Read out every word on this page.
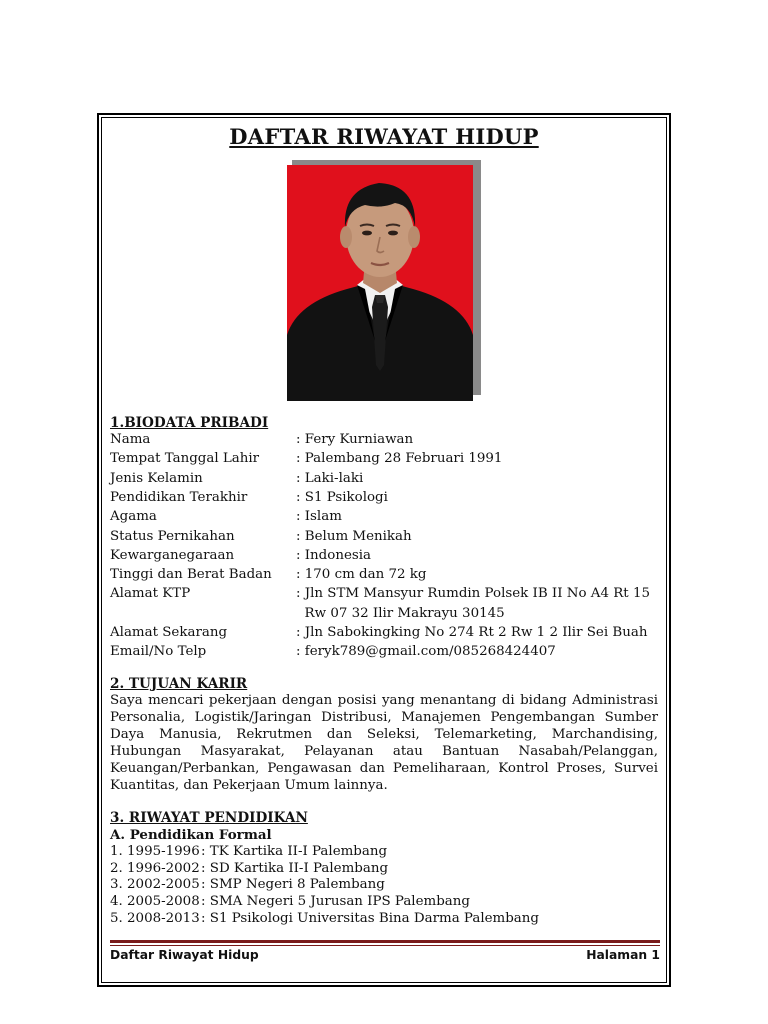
DAFTAR RIWAYAT HIDUP
1.BIODATA PRIBADI
Nama	: Fery Kurniawan
Tempat Tanggal Lahir	: Palembang 28 Februari 1991
Jenis Kelamin	: Laki-laki
Pendidikan Terakhir	: S1 Psikologi
Agama	: Islam
Status Pernikahan	: Belum Menikah
Kewarganegaraan	: Indonesia
Tinggi dan Berat Badan : 170 cm dan 72 kg
Alamat KTP	: Jln STM Mansyur Rumdin Polsek IB II No A4 Rt 15
Rw 07 32 Ilir Makrayu 30145
Alamat Sekarang	: Jln Sabokingking No 274 Rt 2 Rw 1 2 Ilir Sei Buah
Email/No Telp	: feryk789@gmail.com/085268424407
2. TUJUAN KARIR
Saya mencari pekerjaan dengan posisi yang menantang di bidang Administrasi Personalia, Logistik/Jaringan Distribusi, Manajemen Pengembangan Sumber Daya Manusia, Rekrutmen dan Seleksi, Telemarketing, Marchandising, Hubungan Masyarakat, Pelayanan atau Bantuan Nasabah/Pelanggan, Keuangan/Perbankan, Pengawasan dan Pemeliharaan, Kontrol Proses, Survei Kuantitas, dan Pekerjaan Umum lainnya.
3. RIWAYAT PENDIDIKAN
A. Pendidikan Formal
1. 1995-1996 : TK Kartika II-I Palembang
2. 1996-2002 : SD Kartika II-I Palembang
3. 2002-2005 : SMP Negeri 8 Palembang
4. 2005-2008 : SMA Negeri 5 Jurusan IPS Palembang
5. 2008-2013 : S1 Psikologi Universitas Bina Darma Palembang
Daftar Riwayat Hidup	Halaman 1
